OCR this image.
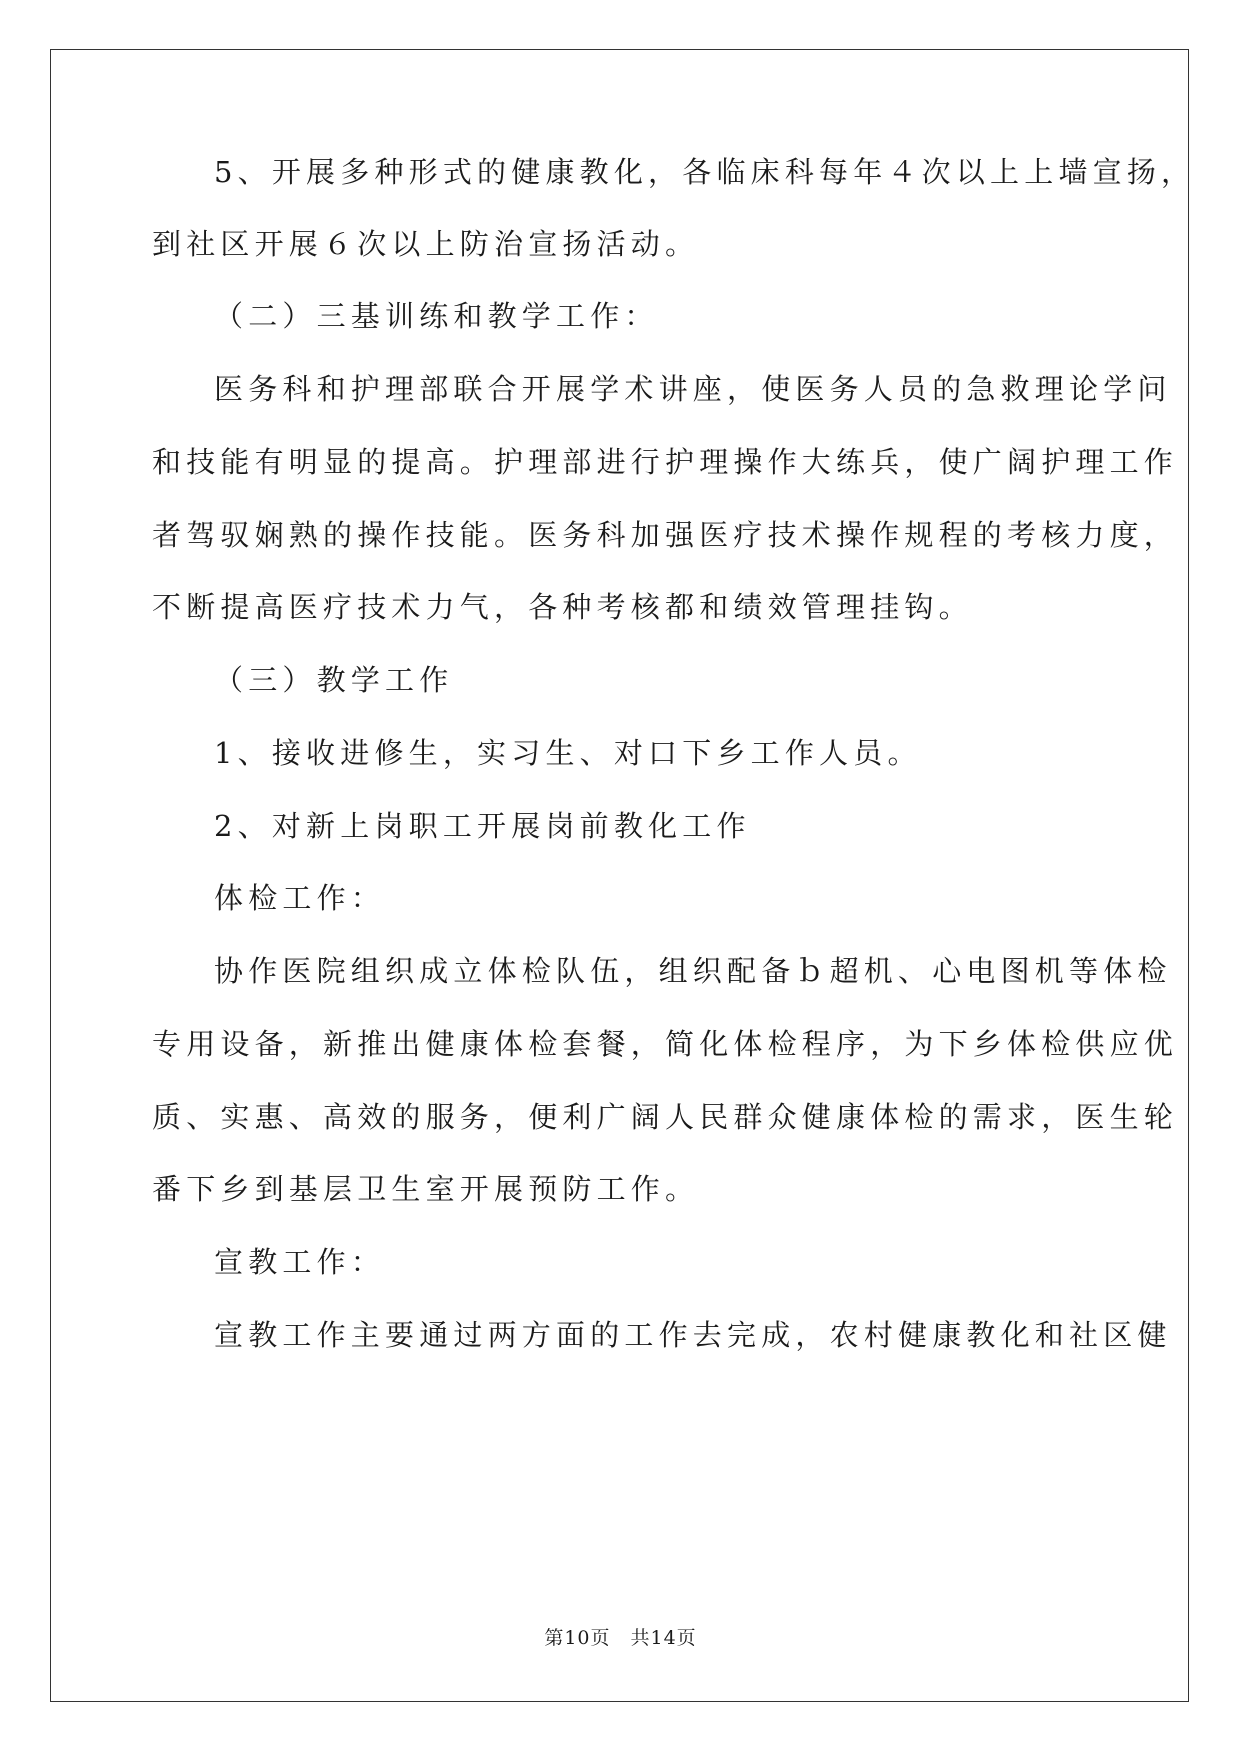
5、开展多种形式的健康教化，各临床科每年４次以上上墙宣扬，
到社区开展６次以上防治宣扬活动。
（二）三基训练和教学工作：
医务科和护理部联合开展学术讲座，使医务人员的急救理论学问
和技能有明显的提高。护理部进行护理操作大练兵，使广阔护理工作
者驾驭娴熟的操作技能。医务科加强医疗技术操作规程的考核力度，
不断提高医疗技术力气，各种考核都和绩效管理挂钩。
（三）教学工作
1、接收进修生，实习生、对口下乡工作人员。
2、对新上岗职工开展岗前教化工作
体检工作：
协作医院组织成立体检队伍，组织配备ｂ超机、心电图机等体检
专用设备，新推出健康体检套餐，简化体检程序，为下乡体检供应优
质、实惠、高效的服务，便利广阔人民群众健康体检的需求，医生轮
番下乡到基层卫生室开展预防工作。
宣教工作：
宣教工作主要通过两方面的工作去完成，农村健康教化和社区健
第10页　共14页
